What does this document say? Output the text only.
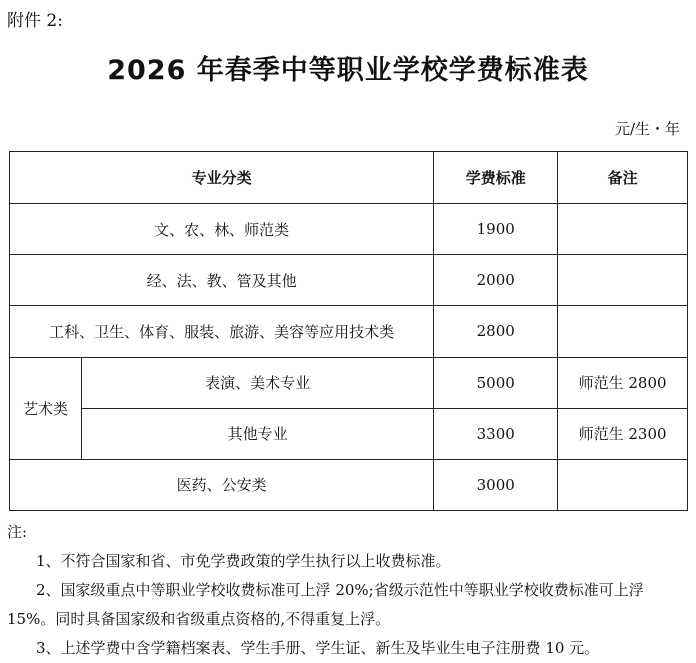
附件 2:
2026 年春季中等职业学校学费标准表
元/生・年
专业分类		学费标准	备注
文、农、林、师范类		1900	
经、法、教、管及其他		2000	
工科、卫生、体育、服装、旅游、美容等应用技术类		2800	
艺术类	表演、美术专业	5000	师范生 2800
	其他专业	3300	师范生 2300
医药、公安类		3000	

注:

1、不符合国家和省、市免学费政策的学生执行以上收费标准。

2、国家级重点中等职业学校收费标准可上浮 20%;省级示范性中等职业学校收费标准可上浮 15%。同时具备国家级和省级重点资格的,不得重复上浮。

3、上述学费中含学籍档案表、学生手册、学生证、新生及毕业生电子注册费 10 元。
